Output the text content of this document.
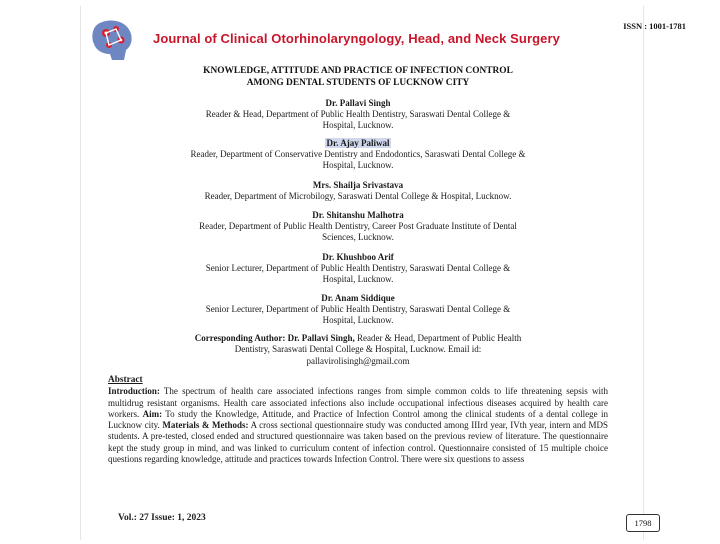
ISSN : 1001-1781
Journal of Clinical Otorhinolaryngology, Head, and Neck Surgery
KNOWLEDGE, ATTITUDE AND PRACTICE OF INFECTION CONTROL
AMONG DENTAL STUDENTS OF LUCKNOW CITY
Dr. Pallavi Singh
Reader & Head, Department of Public Health Dentistry, Saraswati Dental College &
Hospital, Lucknow.
Dr. Ajay Paliwal
Reader, Department of Conservative Dentistry and Endodontics, Saraswati Dental College &
Hospital, Lucknow.
Mrs. Shailja Srivastava
Reader, Department of Microbilogy, Saraswati Dental College & Hospital, Lucknow.
Dr. Shitanshu Malhotra
Reader, Department of Public Health Dentistry, Career Post Graduate Institute of Dental
Sciences, Lucknow.
Dr. Khushboo Arif
Senior Lecturer, Department of Public Health Dentistry, Saraswati Dental College &
Hospital, Lucknow.
Dr. Anam Siddique
Senior Lecturer, Department of Public Health Dentistry, Saraswati Dental College &
Hospital, Lucknow.
Corresponding Author: Dr. Pallavi Singh, Reader & Head, Department of Public Health
Dentistry, Saraswati Dental College & Hospital, Lucknow. Email id:
pallavirolisingh@gmail.com
Abstract
Introduction: The spectrum of health care associated infections ranges from simple common colds to life threatening sepsis with multidrug resistant organisms. Health care associated infections also include occupational infectious diseases acquired by health care workers. Aim: To study the Knowledge, Attitude, and Practice of Infection Control among the clinical students of a dental college in Lucknow city. Materials & Methods: A cross sectional questionnaire study was conducted among IIIrd year, IVth year, intern and MDS students. A pre-tested, closed ended and structured questionnaire was taken based on the previous review of literature. The questionnaire kept the study group in mind, and was linked to curriculum content of infection control. Questionnaire consisted of 15 multiple choice questions regarding knowledge, attitude and practices towards Infection Control. There were six questions to assess
Vol.: 27 Issue: 1, 2023	1798
